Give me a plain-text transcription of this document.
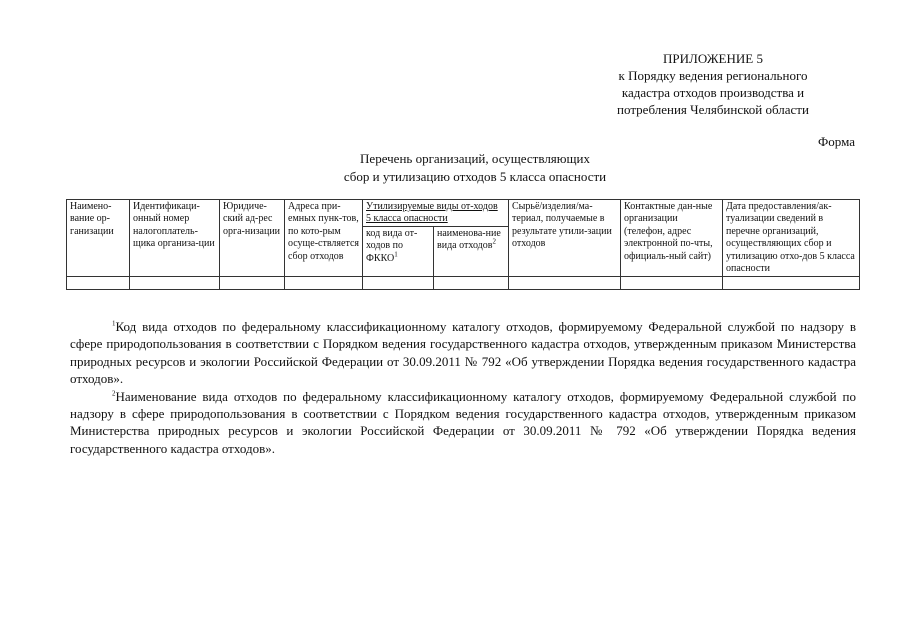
ПРИЛОЖЕНИЕ 5
к Порядку ведения регионального
кадастра отходов производства и
потребления Челябинской области
Форма
Перечень организаций, осуществляющих
сбор и утилизацию отходов 5 класса опасности
Наимено-вание ор-ганизации	Идентификаци-онный номер налогоплатель-щика организа-ции	Юридиче-ский ад-рес орга-низации	Адреса при-емных пунк-тов, по кото-рым осуще-ствляется сбор отходов	Утилизируемые виды от-ходов 5 класса опасности		Сырьё/изделия/ма-териал, получаемые в результате утили-зации отходов	Контактные дан-ные организации (телефон, адрес электронной по-чты, официаль-ный сайт)	Дата предоставления/ак-туализации сведений в перечне организаций, осуществляющих сбор и утилизацию отхо-дов 5 класса опасности
				код вида от-ходов по ФККО$^1$	наименова-ние вида отходов$^2$

$^1$Код вида отходов по федеральному классификационному каталогу отходов, формируемому Федеральной службой по надзору в сфере природопользования в соответствии с Порядком ведения государственного кадастра отходов, утвержденным приказом Министерства природных ресурсов и экологии Российской Федерации от 30.09.2011 № 792 «Об утверждении Порядка ведения государственного кадастра отходов».

$^2$Наименование вида отходов по федеральному классификационному каталогу отходов, формируемому Федеральной службой по надзору в сфере природопользования в соответствии с Порядком ведения государственного кадастра отходов, утвержденным приказом Министерства природных ресурсов и экологии Российской Федерации от 30.09.2011 № 792 «Об утверждении Порядка ведения государственного кадастра отходов».
